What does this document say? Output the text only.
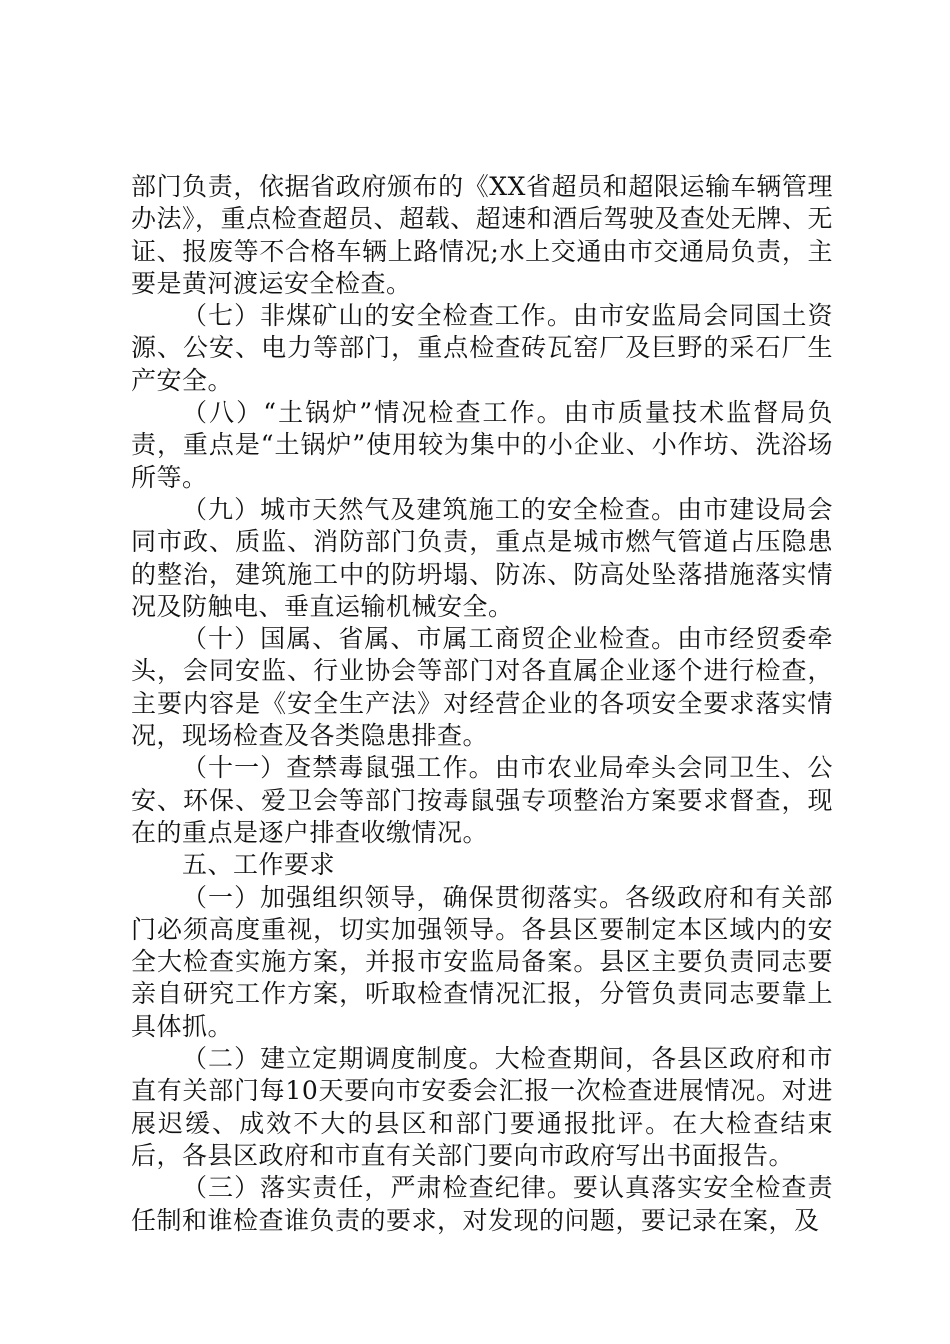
部门负责，依据省政府颁布的《XX省超员和超限运输车辆管理办法》，重点检查超员、超载、超速和酒后驾驶及查处无牌、无证、报废等不合格车辆上路情况;水上交通由市交通局负责，主要是黄河渡运安全检查。

（七）非煤矿山的安全检查工作。由市安监局会同国土资源、公安、电力等部门，重点检查砖瓦窑厂及巨野的采石厂生产安全。

（八）“土锅炉”情况检查工作。由市质量技术监督局负责，重点是“土锅炉”使用较为集中的小企业、小作坊、洗浴场所等。

（九）城市天然气及建筑施工的安全检查。由市建设局会同市政、质监、消防部门负责，重点是城市燃气管道占压隐患的整治，建筑施工中的防坍塌、防冻、防高处坠落措施落实情况及防触电、垂直运输机械安全。

（十）国属、省属、市属工商贸企业检查。由市经贸委牵头，会同安监、行业协会等部门对各直属企业逐个进行检查，主要内容是《安全生产法》对经营企业的各项安全要求落实情况，现场检查及各类隐患排查。

（十一）查禁毒鼠强工作。由市农业局牵头会同卫生、公安、环保、爱卫会等部门按毒鼠强专项整治方案要求督查，现在的重点是逐户排查收缴情况。

五、工作要求

（一）加强组织领导，确保贯彻落实。各级政府和有关部门必须高度重视，切实加强领导。各县区要制定本区域内的安全大检查实施方案，并报市安监局备案。县区主要负责同志要亲自研究工作方案，听取检查情况汇报，分管负责同志要靠上具体抓。

（二）建立定期调度制度。大检查期间，各县区政府和市直有关部门每10天要向市安委会汇报一次检查进展情况。对进展迟缓、成效不大的县区和部门要通报批评。在大检查结束后，各县区政府和市直有关部门要向市政府写出书面报告。

（三）落实责任，严肃检查纪律。要认真落实安全检查责任制和谁检查谁负责的要求，对发现的问题，要记录在案，及
